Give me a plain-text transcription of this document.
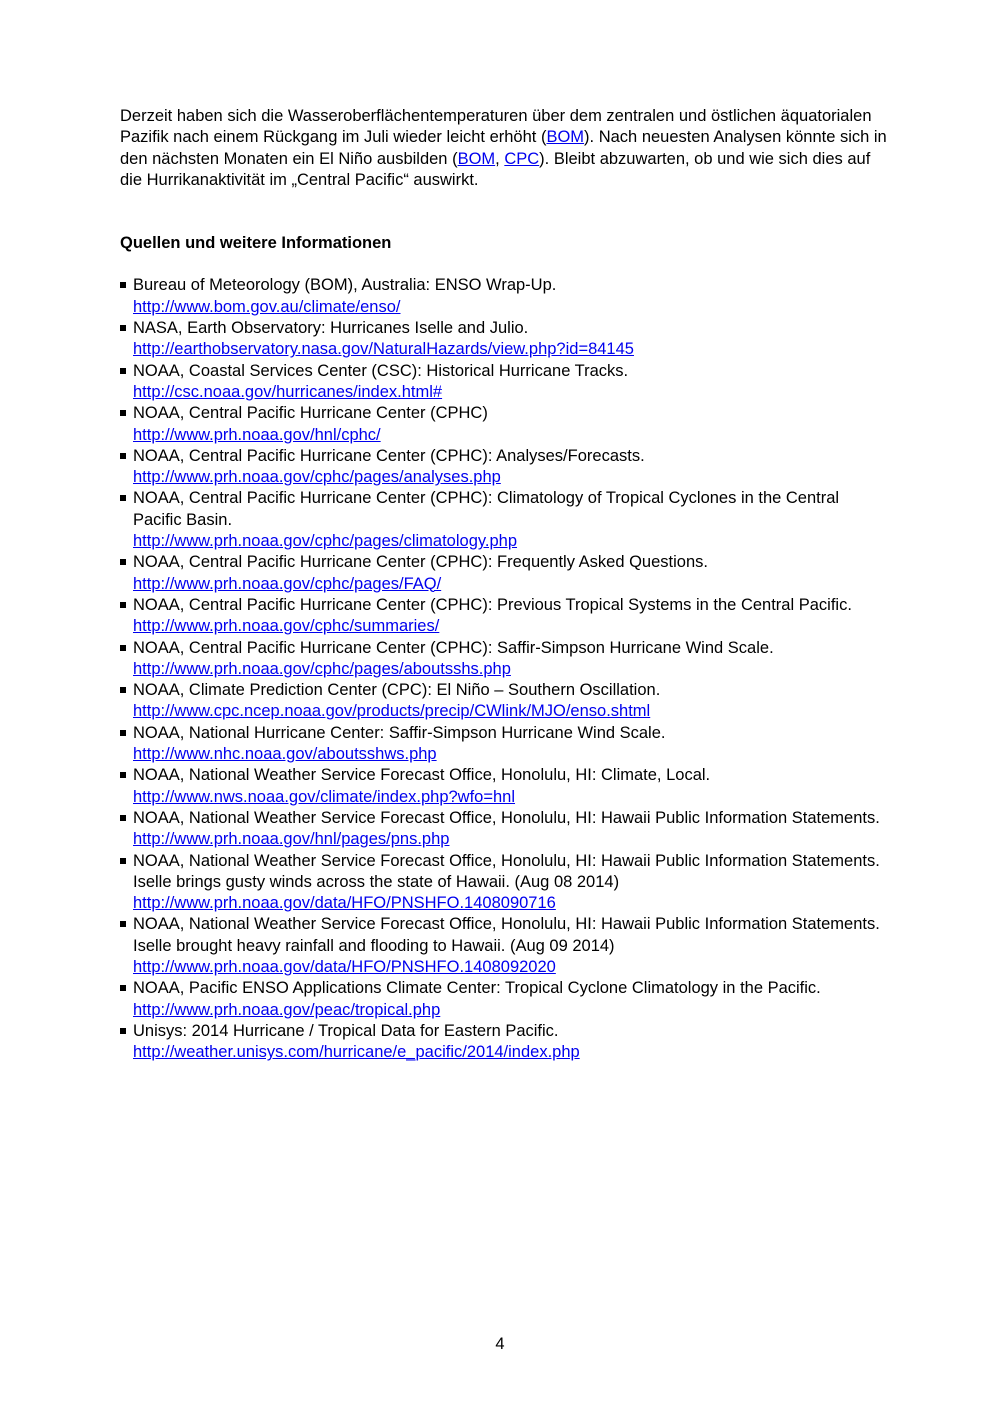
Derzeit haben sich die Wasseroberflächentemperaturen über dem zentralen und östlichen äquatorialen Pazifik nach einem Rückgang im Juli wieder leicht erhöht (BOM). Nach neuesten Analysen könnte sich in den nächsten Monaten ein El Niño ausbilden (BOM, CPC). Bleibt abzuwarten, ob und wie sich dies auf die Hurrikanaktivität im „Central Pacific“ auswirkt.

Quellen und weitere Informationen
Bureau of Meteorology (BOM), Australia: ENSO Wrap-Up.
http://www.bom.gov.au/climate/enso/
NASA, Earth Observatory: Hurricanes Iselle and Julio.
http://earthobservatory.nasa.gov/NaturalHazards/view.php?id=84145
NOAA, Coastal Services Center (CSC): Historical Hurricane Tracks.
http://csc.noaa.gov/hurricanes/index.html#
NOAA, Central Pacific Hurricane Center (CPHC)
http://www.prh.noaa.gov/hnl/cphc/
NOAA, Central Pacific Hurricane Center (CPHC): Analyses/Forecasts.
http://www.prh.noaa.gov/cphc/pages/analyses.php
NOAA, Central Pacific Hurricane Center (CPHC): Climatology of Tropical Cyclones in the Central Pacific Basin.
http://www.prh.noaa.gov/cphc/pages/climatology.php
NOAA, Central Pacific Hurricane Center (CPHC): Frequently Asked Questions.
http://www.prh.noaa.gov/cphc/pages/FAQ/
NOAA, Central Pacific Hurricane Center (CPHC): Previous Tropical Systems in the Central Pacific.
http://www.prh.noaa.gov/cphc/summaries/
NOAA, Central Pacific Hurricane Center (CPHC): Saffir-Simpson Hurricane Wind Scale.
http://www.prh.noaa.gov/cphc/pages/aboutsshs.php
NOAA, Climate Prediction Center (CPC): El Niño – Southern Oscillation.
http://www.cpc.ncep.noaa.gov/products/precip/CWlink/MJO/enso.shtml
NOAA, National Hurricane Center: Saffir-Simpson Hurricane Wind Scale.
http://www.nhc.noaa.gov/aboutsshws.php
NOAA, National Weather Service Forecast Office, Honolulu, HI: Climate, Local.
http://www.nws.noaa.gov/climate/index.php?wfo=hnl
NOAA, National Weather Service Forecast Office, Honolulu, HI: Hawaii Public Information Statements.
http://www.prh.noaa.gov/hnl/pages/pns.php
NOAA, National Weather Service Forecast Office, Honolulu, HI: Hawaii Public Information Statements. Iselle brings gusty winds across the state of Hawaii. (Aug 08 2014)
http://www.prh.noaa.gov/data/HFO/PNSHFO.1408090716
NOAA, National Weather Service Forecast Office, Honolulu, HI: Hawaii Public Information Statements. Iselle brought heavy rainfall and flooding to Hawaii. (Aug 09 2014)
http://www.prh.noaa.gov/data/HFO/PNSHFO.1408092020
NOAA, Pacific ENSO Applications Climate Center: Tropical Cyclone Climatology in the Pacific.
http://www.prh.noaa.gov/peac/tropical.php
Unisys: 2014 Hurricane / Tropical Data for Eastern Pacific.
http://weather.unisys.com/hurricane/e_pacific/2014/index.php
4
